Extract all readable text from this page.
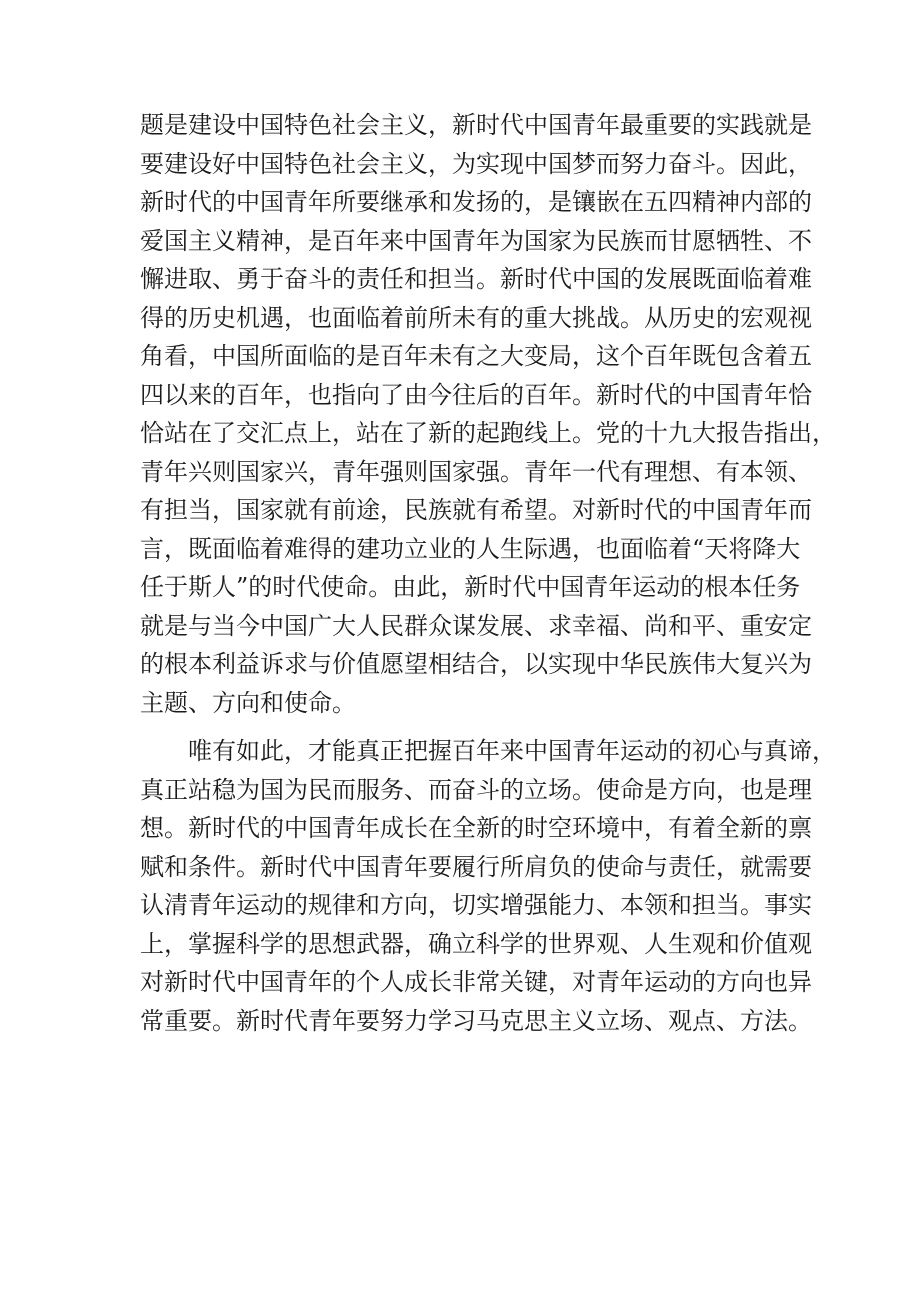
题是建设中国特色社会主义，新时代中国青年最重要的实践就是
要建设好中国特色社会主义，为实现中国梦而努力奋斗。因此，
新时代的中国青年所要继承和发扬的，是镶嵌在五四精神内部的
爱国主义精神，是百年来中国青年为国家为民族而甘愿牺牲、不
懈进取、勇于奋斗的责任和担当。新时代中国的发展既面临着难
得的历史机遇，也面临着前所未有的重大挑战。从历史的宏观视
角看，中国所面临的是百年未有之大变局，这个百年既包含着五
四以来的百年，也指向了由今往后的百年。新时代的中国青年恰
恰站在了交汇点上，站在了新的起跑线上。党的十九大报告指出，
青年兴则国家兴，青年强则国家强。青年一代有理想、有本领、
有担当，国家就有前途，民族就有希望。对新时代的中国青年而
言，既面临着难得的建功立业的人生际遇，也面临着“天将降大
任于斯人”的时代使命。由此，新时代中国青年运动的根本任务
就是与当今中国广大人民群众谋发展、求幸福、尚和平、重安定
的根本利益诉求与价值愿望相结合，以实现中华民族伟大复兴为
主题、方向和使命。
唯有如此，才能真正把握百年来中国青年运动的初心与真谛，
真正站稳为国为民而服务、而奋斗的立场。使命是方向，也是理
想。新时代的中国青年成长在全新的时空环境中，有着全新的禀
赋和条件。新时代中国青年要履行所肩负的使命与责任，就需要
认清青年运动的规律和方向，切实增强能力、本领和担当。事实
上，掌握科学的思想武器，确立科学的世界观、人生观和价值观
对新时代中国青年的个人成长非常关键，对青年运动的方向也异
常重要。新时代青年要努力学习马克思主义立场、观点、方法。
